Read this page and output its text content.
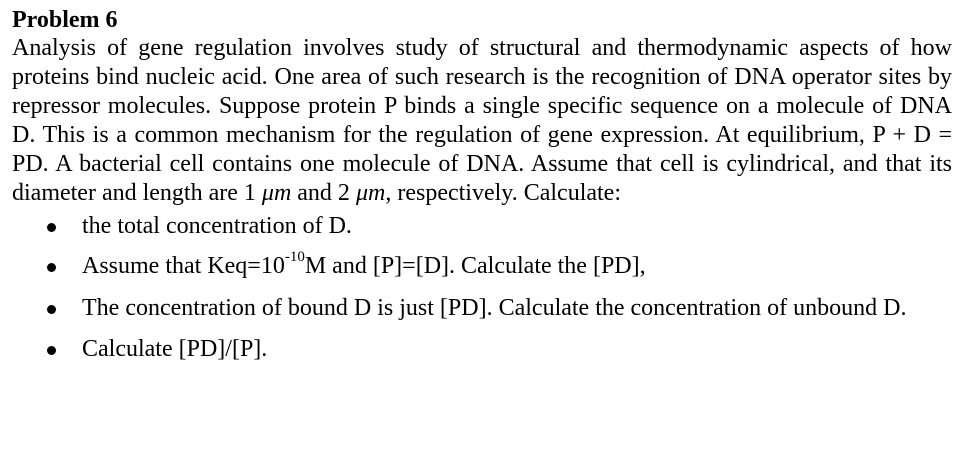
Problem 6

Analysis of gene regulation involves study of structural and thermodynamic aspects of how proteins bind nucleic acid. One area of such research is the recognition of DNA operator sites by repressor molecules. Suppose protein P binds a single specific sequence on a molecule of DNA D. This is a common mechanism for the regulation of gene expression. At equilibrium, P + D = PD. A bacterial cell contains one molecule of DNA. Assume that cell is cylindrical, and that its diameter and length are 1 μm and 2 μm, respectively. Calculate:

the total concentration of D.
Assume that $Keq=10^{-10}M$ and [P]=[D]. Calculate the [PD],
The concentration of bound D is just [PD]. Calculate the concentration of unbound D.
Calculate [PD]/[P].
